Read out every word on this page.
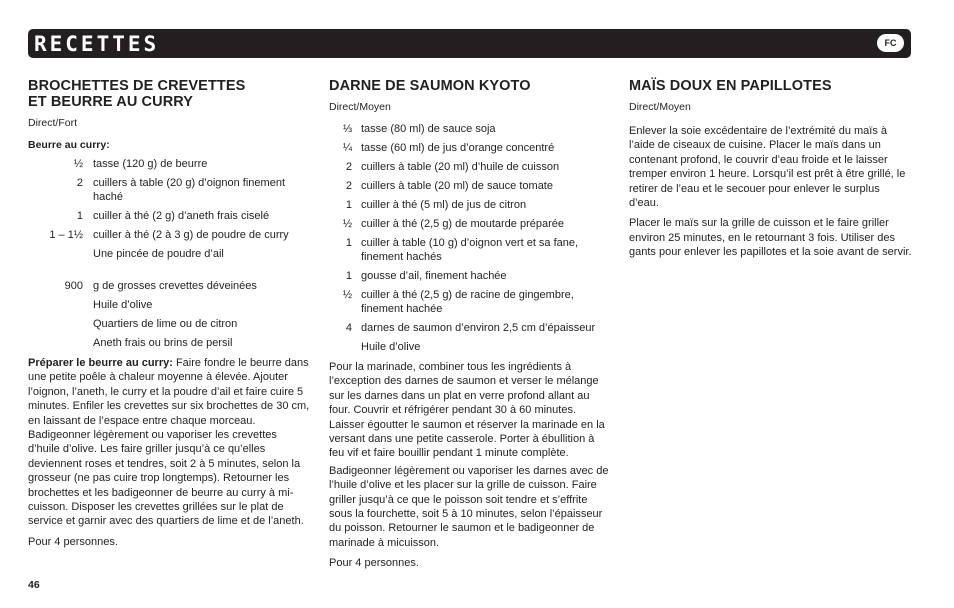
RECETTES	FC
BROCHETTES DE CREVETTES
ET BEURRE AU CURRY
Direct/Fort
Beurre au curry:
½ tasse (120 g) de beurre
2 cuillers à table (20 g) d’oignon finement haché
1 cuiller à thé (2 g) d’aneth frais ciselé
1 – 1½ cuiller à thé (2 à 3 g) de poudre de curry
Une pincée de poudre d’ail
900 g de grosses crevettes déveinées
Huile d’olive
Quartiers de lime ou de citron
Aneth frais ou brins de persil

Préparer le beurre au curry: Faire fondre le beurre dans une petite poêle à chaleur moyenne à élevée. Ajouter l’oignon, l’aneth, le curry et la poudre d’ail et faire cuire 5 minutes. Enfiler les crevettes sur six brochettes de 30 cm, en laissant de l’espace entre chaque morceau. Badigeonner légèrement ou vaporiser les crevettes d’huile d’olive. Les faire griller jusqu’à ce qu’elles deviennent roses et tendres, soit 2 à 5 minutes, selon la grosseur (ne pas cuire trop longtemps). Retourner les brochettes et les badigeonner de beurre au curry à mi-cuisson. Disposer les crevettes grillées sur le plat de service et garnir avec des quartiers de lime et de l’aneth.

Pour 4 personnes.

DARNE DE SAUMON KYOTO
Direct/Moyen
⅓ tasse (80 ml) de sauce soja
¼ tasse (60 ml) de jus d’orange concentré
2 cuillers à table (20 ml) d’huile de cuisson
2 cuillers à table (20 ml) de sauce tomate
1 cuiller à thé (5 ml) de jus de citron
½ cuiller à thé (2,5 g) de moutarde préparée
1 cuiller à table (10 g) d’oignon vert et sa fane, finement hachés
1 gousse d’ail, finement hachée
½ cuiller à thé (2,5 g) de racine de gingembre, finement hachée
4 darnes de saumon d’environ 2,5 cm d’épaisseur
Huile d’olive

Pour la marinade, combiner tous les ingrédients à l’exception des darnes de saumon et verser le mélange sur les darnes dans un plat en verre profond allant au four. Couvrir et réfrigérer pendant 30 à 60 minutes. Laisser égoutter le saumon et réserver la marinade en la versant dans une petite casserole. Porter à ébullition à feu vif et faire bouillir pendant 1 minute complète.

Badigeonner légèrement ou vaporiser les darnes avec de l’huile d’olive et les placer sur la grille de cuisson. Faire griller jusqu’à ce que le poisson soit tendre et s’effrite sous la fourchette, soit 5 à 10 minutes, selon l’épaisseur du poisson. Retourner le saumon et le badigeonner de marinade à micuisson.

Pour 4 personnes.

MAÏS DOUX EN PAPILLOTES
Direct/Moyen

Enlever la soie excédentaire de l’extrémité du maïs à l’aide de ciseaux de cuisine. Placer le maïs dans un contenant profond, le couvrir d’eau froide et le laisser tremper environ 1 heure. Lorsqu’il est prêt à être grillé, le retirer de l’eau et le secouer pour enlever le surplus d’eau.

Placer le maïs sur la grille de cuisson et le faire griller environ 25 minutes, en le retournant 3 fois. Utiliser des gants pour enlever les papillotes et la soie avant de servir.

46
